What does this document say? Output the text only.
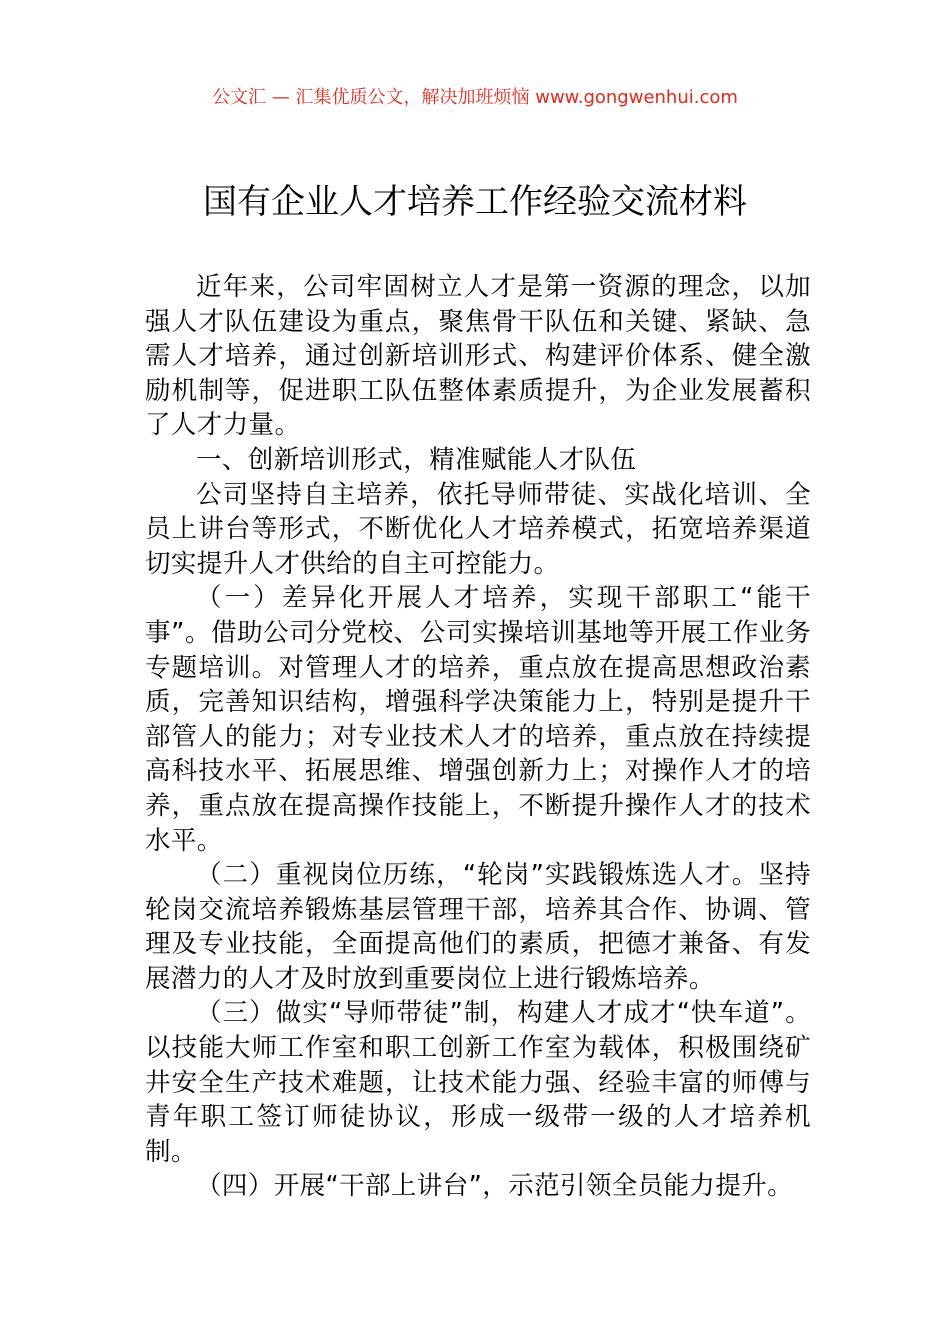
公文汇 — 汇集优质公文，解决加班烦恼 www.gongwenhui.com
国有企业人才培养工作经验交流材料

近年来，公司牢固树立人才是第一资源的理念，以加强人才队伍建设为重点，聚焦骨干队伍和关键、紧缺、急需人才培养，通过创新培训形式、构建评价体系、健全激励机制等，促进职工队伍整体素质提升，为企业发展蓄积了人才力量。

一、创新培训形式，精准赋能人才队伍

公司坚持自主培养，依托导师带徒、实战化培训、全员上讲台等形式，不断优化人才培养模式，拓宽培养渠道切实提升人才供给的自主可控能力。

（一）差异化开展人才培养，实现干部职工“能干事”。借助公司分党校、公司实操培训基地等开展工作业务专题培训。对管理人才的培养，重点放在提高思想政治素质，完善知识结构，增强科学决策能力上，特别是提升干部管人的能力；对专业技术人才的培养，重点放在持续提高科技水平、拓展思维、增强创新力上；对操作人才的培养，重点放在提高操作技能上，不断提升操作人才的技术水平。

（二）重视岗位历练，“轮岗”实践锻炼选人才。坚持轮岗交流培养锻炼基层管理干部，培养其合作、协调、管理及专业技能，全面提高他们的素质，把德才兼备、有发展潜力的人才及时放到重要岗位上进行锻炼培养。

（三）做实“导师带徒”制，构建人才成才“快车道”。以技能大师工作室和职工创新工作室为载体，积极围绕矿井安全生产技术难题，让技术能力强、经验丰富的师傅与青年职工签订师徒协议，形成一级带一级的人才培养机制。

（四）开展“干部上讲台”，示范引领全员能力提升。
